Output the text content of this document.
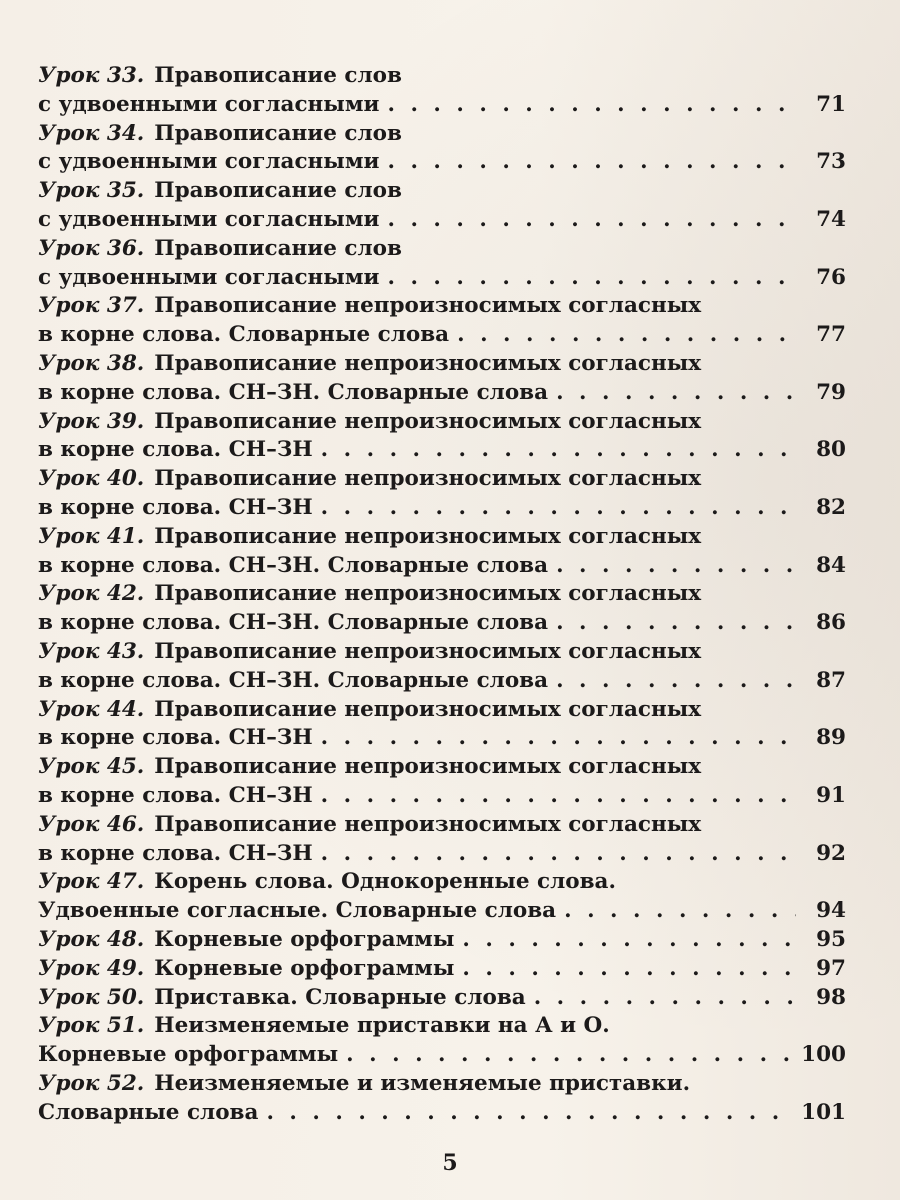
Урок 33. Правописание слов
с удвоенными согласными . . .	71
Урок 34. Правописание слов
с удвоенными согласными . . .	73
Урок 35. Правописание слов
с удвоенными согласными . . .	74
Урок 36. Правописание слов
с удвоенными согласными . . .	76
Урок 37. Правописание непроизносимых согласных
в корне слова. Словарные слова . . .	77
Урок 38. Правописание непроизносимых согласных
в корне слова. СН–ЗН. Словарные слова . . .	79
Урок 39. Правописание непроизносимых согласных
в корне слова. СН–ЗН . . .	80
Урок 40. Правописание непроизносимых согласных
в корне слова. СН–ЗН . . .	82
Урок 41. Правописание непроизносимых согласных
в корне слова. СН–ЗН. Словарные слова . . .	84
Урок 42. Правописание непроизносимых согласных
в корне слова. СН–ЗН. Словарные слова . . .	86
Урок 43. Правописание непроизносимых согласных
в корне слова. СН–ЗН. Словарные слова . . .	87
Урок 44. Правописание непроизносимых согласных
в корне слова. СН–ЗН . . .	89
Урок 45. Правописание непроизносимых согласных
в корне слова. СН–ЗН . . .	91
Урок 46. Правописание непроизносимых согласных
в корне слова. СН–ЗН . . .	92
Урок 47. Корень слова. Однокоренные слова.
Удвоенные согласные. Словарные слова . . .	94
Урок 48. Корневые орфограммы . . .	95
Урок 49. Корневые орфограммы . . .	97
Урок 50. Приставка. Словарные слова . . .	98
Урок 51. Неизменяемые приставки на А и О.
Корневые орфограммы . . .	100
Урок 52. Неизменяемые и изменяемые приставки.
Словарные слова . . .	101
5
